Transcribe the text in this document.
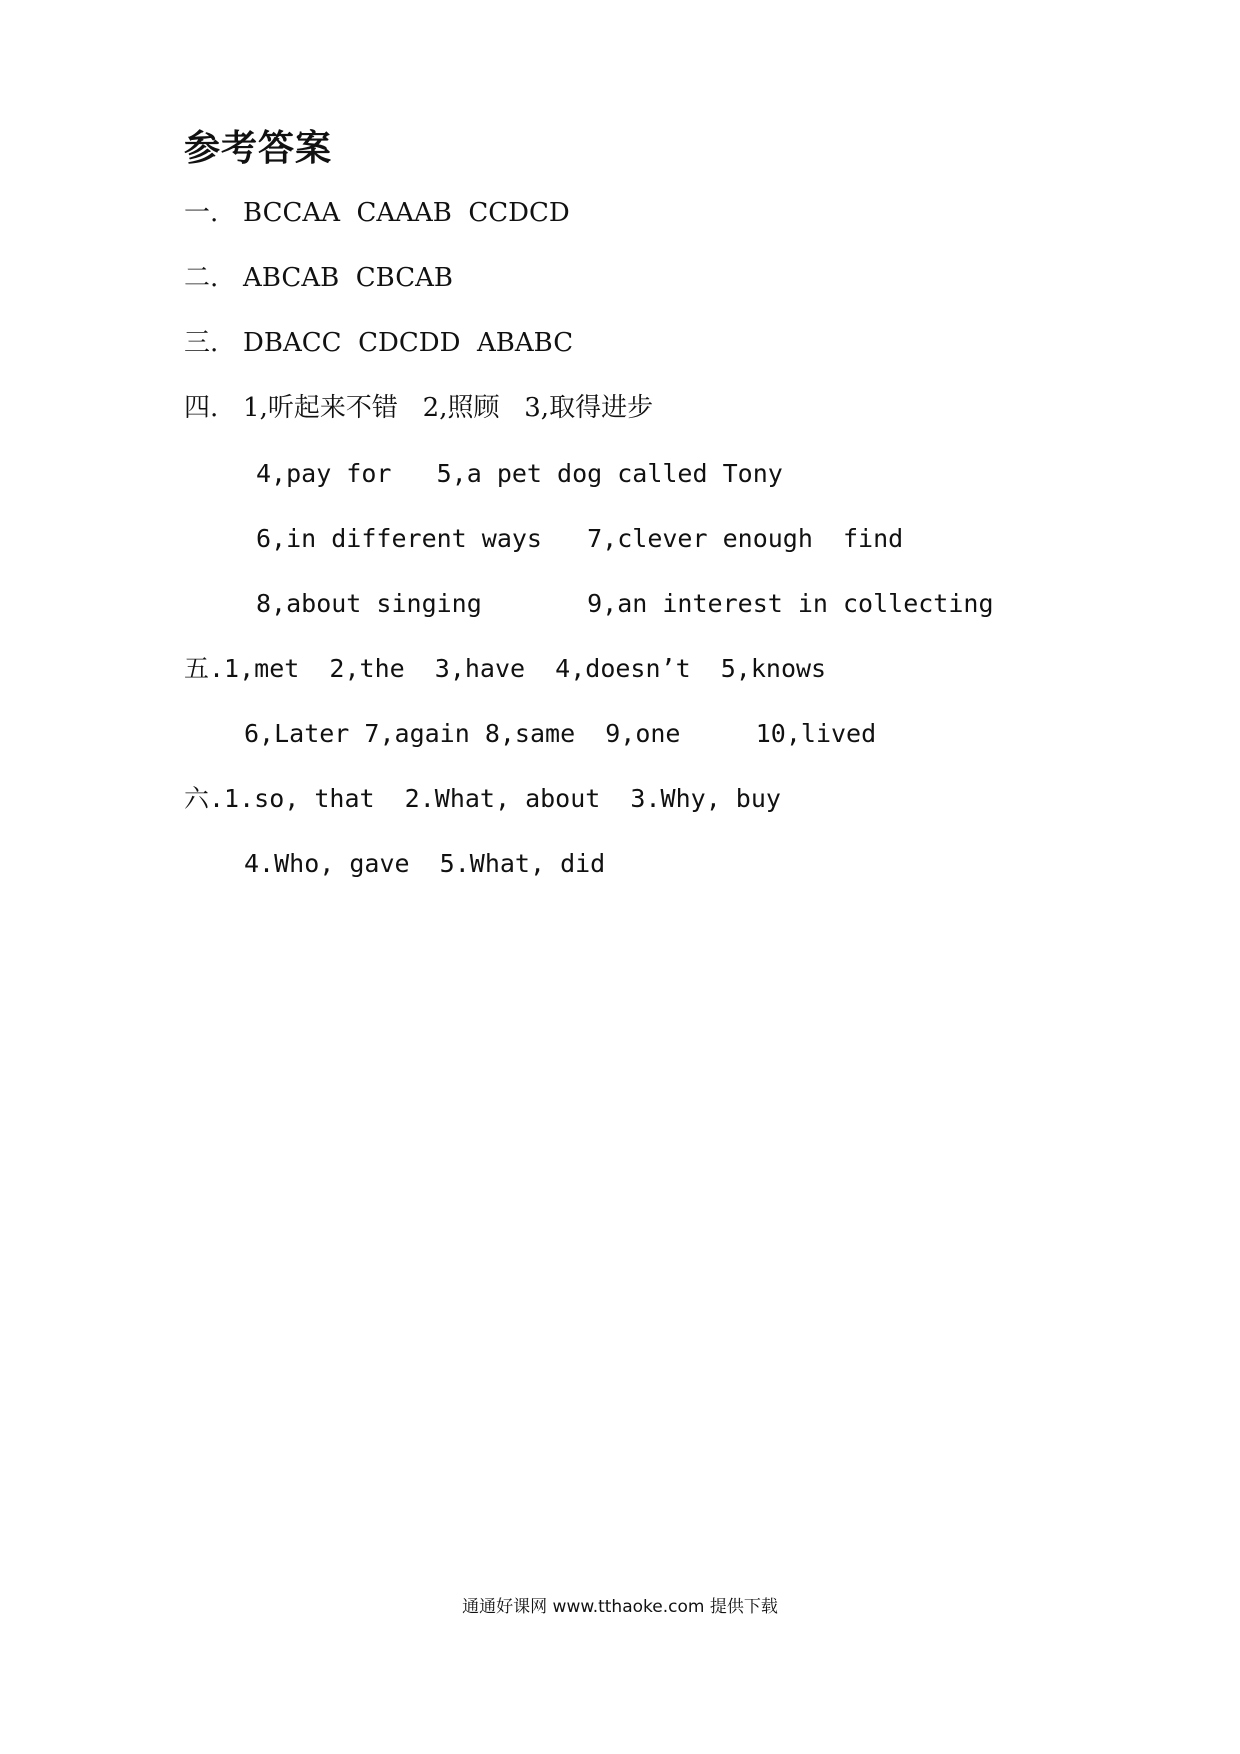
参考答案
一.   BCCAA  CAAAB  CCDCD
二.   ABCAB  CBCAB
三.   DBACC  CDCDD  ABABC
四.   1,听起来不错   2,照顾   3,取得进步
4,pay for   5,a pet dog called Tony
6,in different ways   7,clever enough  find
8,about singing       9,an interest in collecting
五.1,met  2,the  3,have  4,doesn’t  5,knows
6,Later 7,again 8,same  9,one     10,lived
六.1.so, that  2.What, about  3.Why, buy
4.Who, gave  5.What, did
通通好课网 www.tthaoke.com 提供下载
